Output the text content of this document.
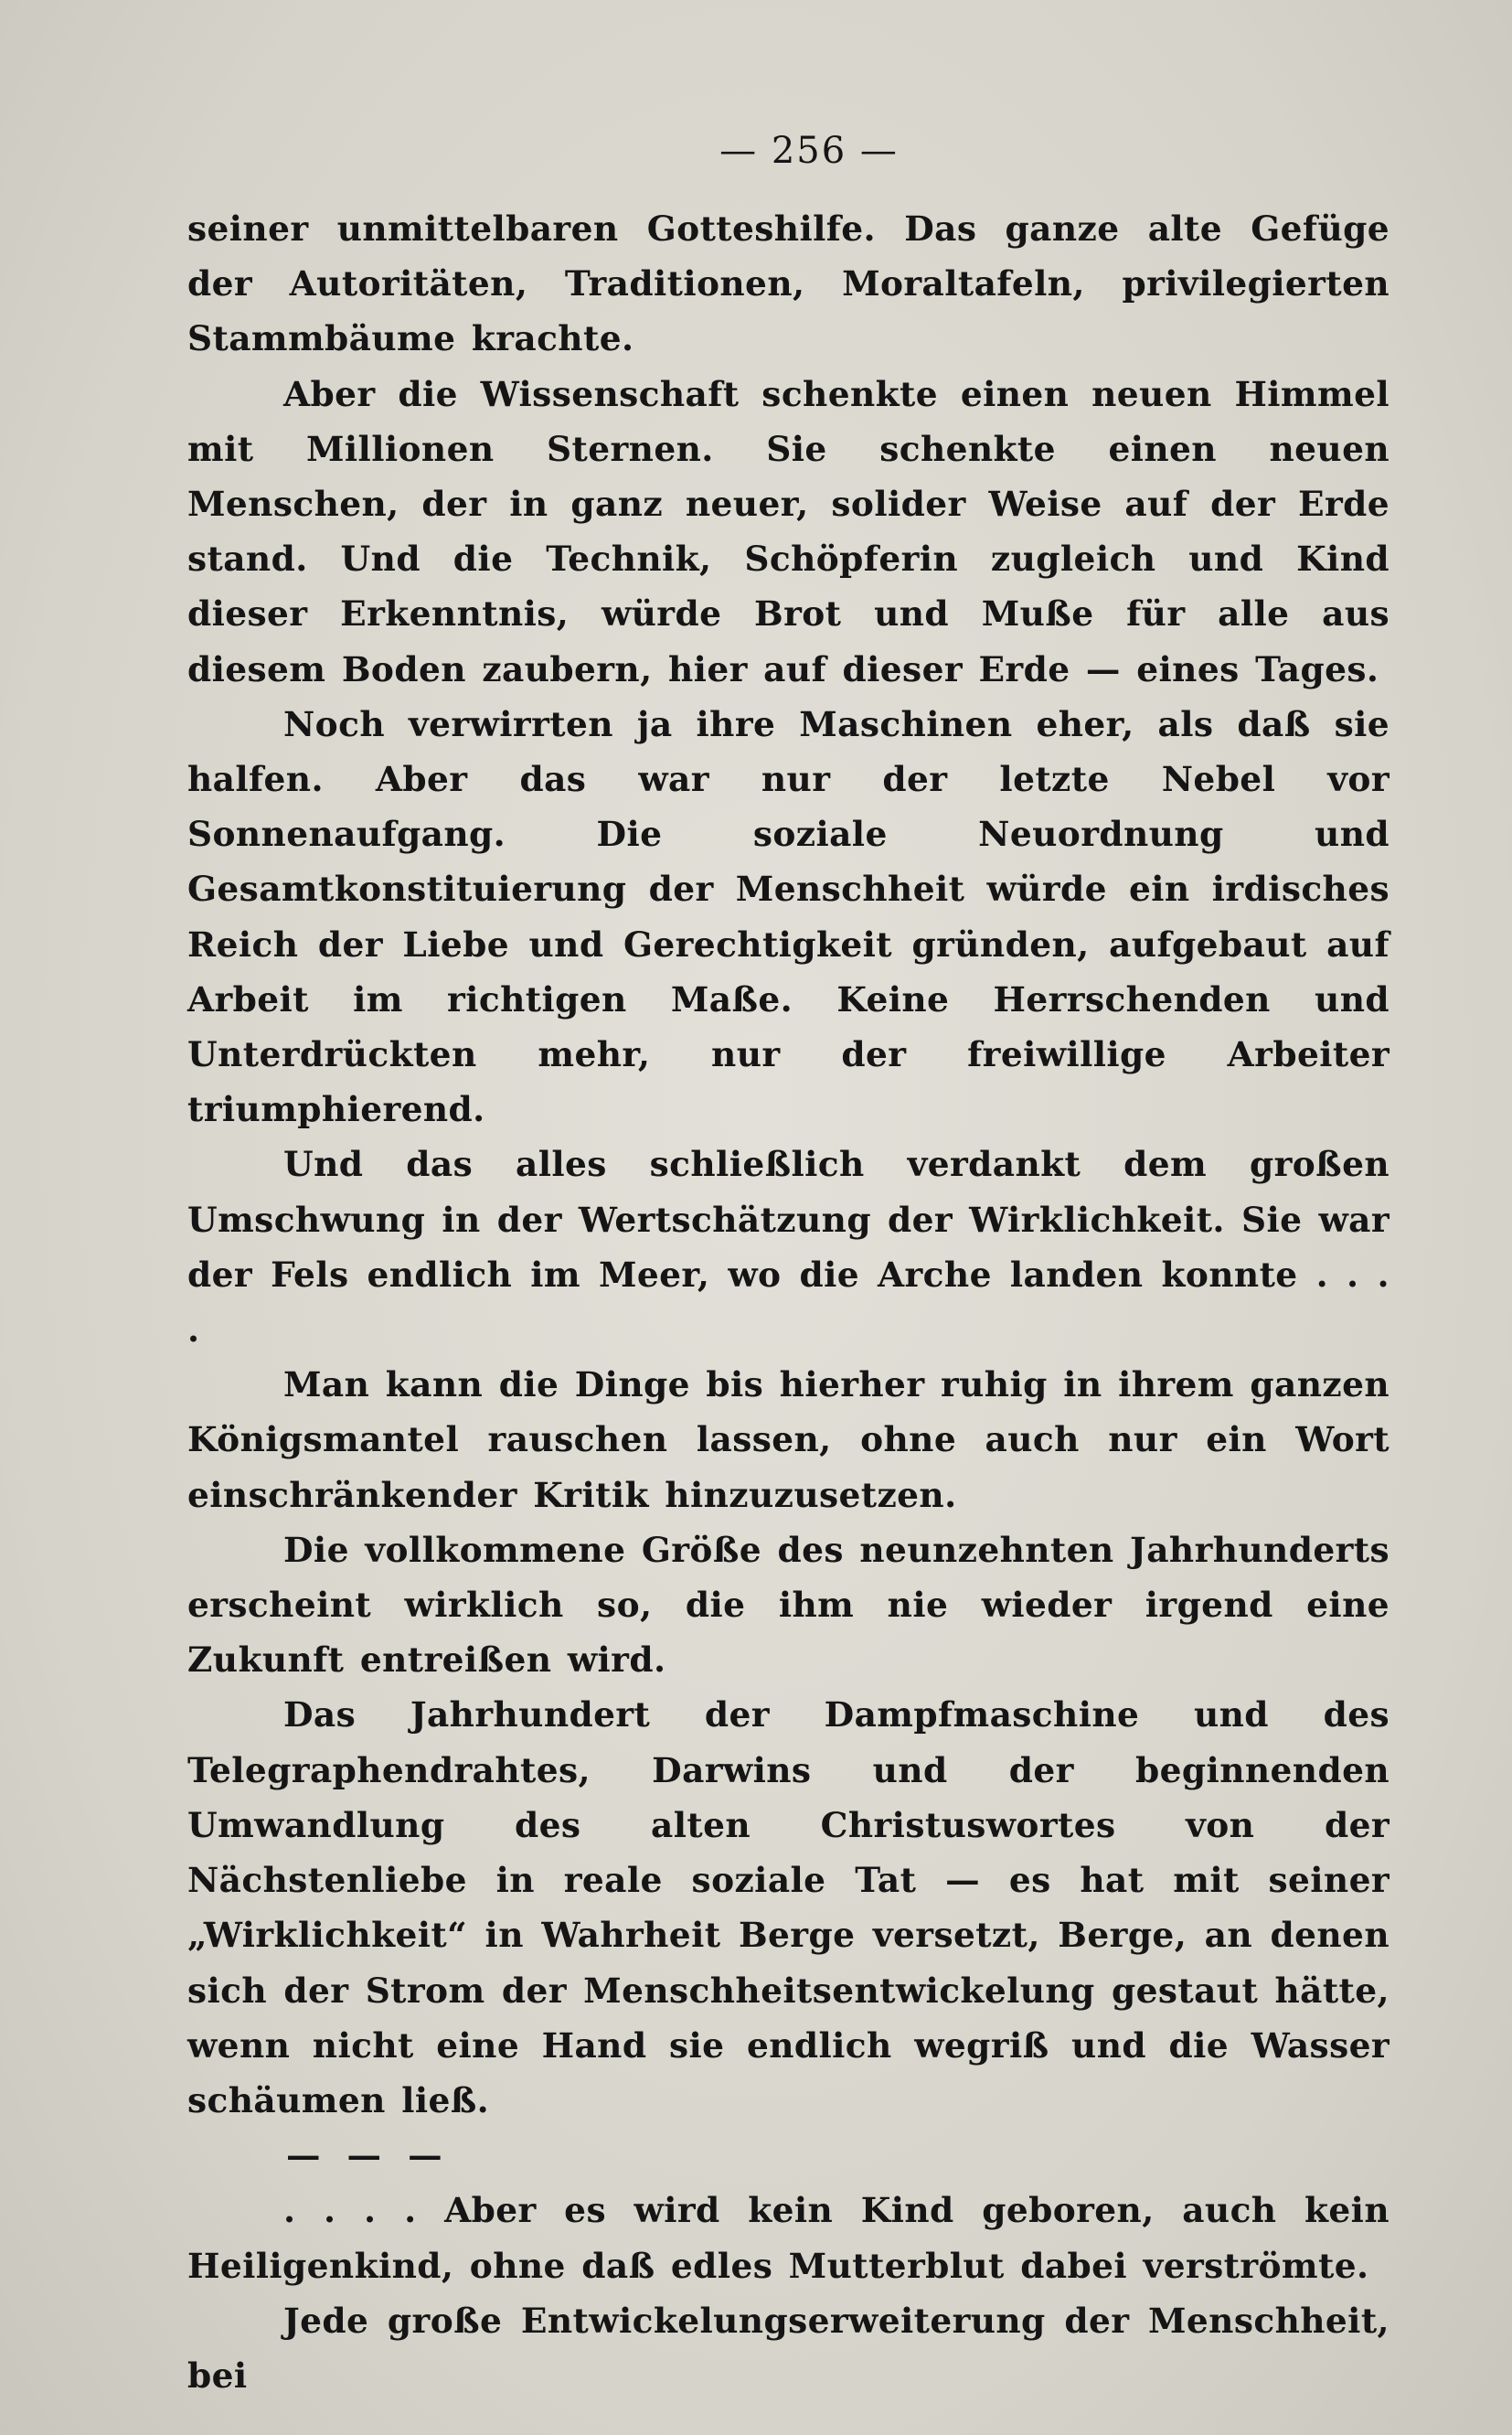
— 256 —

seiner unmittelbaren Gotteshilfe. Das ganze alte Gefüge der Autoritäten, Traditionen, Moraltafeln, privilegierten Stammbäume krachte.

Aber die Wissenschaft schenkte einen neuen Himmel mit Millionen Sternen. Sie schenkte einen neuen Menschen, der in ganz neuer, solider Weise auf der Erde stand. Und die Technik, Schöpferin zugleich und Kind dieser Erkenntnis, würde Brot und Muße für alle aus diesem Boden zaubern, hier auf dieser Erde — eines Tages.

Noch verwirrten ja ihre Maschinen eher, als daß sie halfen. Aber das war nur der letzte Nebel vor Sonnenaufgang. Die soziale Neuordnung und Gesamtkonstituierung der Menschheit würde ein irdisches Reich der Liebe und Gerechtigkeit gründen, aufgebaut auf Arbeit im richtigen Maße. Keine Herrschenden und Unterdrückten mehr, nur der freiwillige Arbeiter triumphierend.

Und das alles schließlich verdankt dem großen Umschwung in der Wertschätzung der Wirklichkeit. Sie war der Fels endlich im Meer, wo die Arche landen konnte . . . .

Man kann die Dinge bis hierher ruhig in ihrem ganzen Königsmantel rauschen lassen, ohne auch nur ein Wort einschränkender Kritik hinzuzusetzen.

Die vollkommene Größe des neunzehnten Jahrhunderts erscheint wirklich so, die ihm nie wieder irgend eine Zukunft entreißen wird.

Das Jahrhundert der Dampfmaschine und des Telegraphendrahtes, Darwins und der beginnenden Umwandlung des alten Christuswortes von der Nächstenliebe in reale soziale Tat — es hat mit seiner „Wirklichkeit“ in Wahrheit Berge versetzt, Berge, an denen sich der Strom der Menschheitsentwickelung gestaut hätte, wenn nicht eine Hand sie endlich wegriß und die Wasser schäumen ließ.

— — —

. . . . Aber es wird kein Kind geboren, auch kein Heiligenkind, ohne daß edles Mutterblut dabei verströmte.

Jede große Entwickelungserweiterung der Menschheit, bei
